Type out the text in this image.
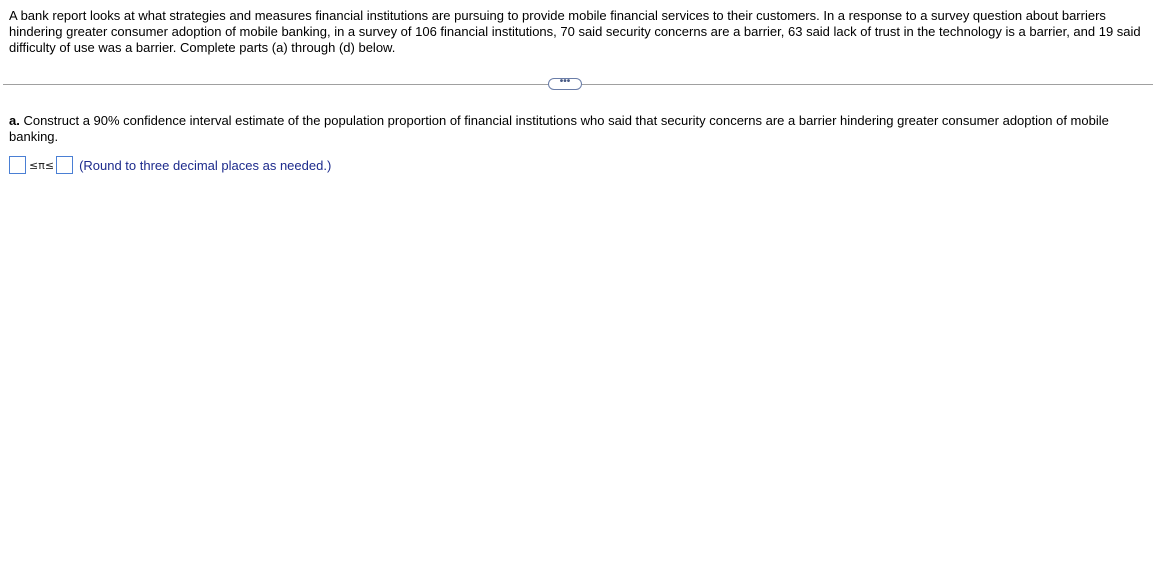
A bank report looks at what strategies and measures financial institutions are pursuing to provide mobile financial services to their customers. In a response to a survey question about barriers hindering greater consumer adoption of mobile banking, in a survey of 106 financial institutions, 70 said security concerns are a barrier, 63 said lack of trust in the technology is a barrier, and 19 said difficulty of use was a barrier. Complete parts (a) through (d) below.
•••
a. Construct a 90% confidence interval estimate of the population proportion of financial institutions who said that security concerns are a barrier hindering greater consumer adoption of mobile banking.
≤π≤ (Round to three decimal places as needed.)
